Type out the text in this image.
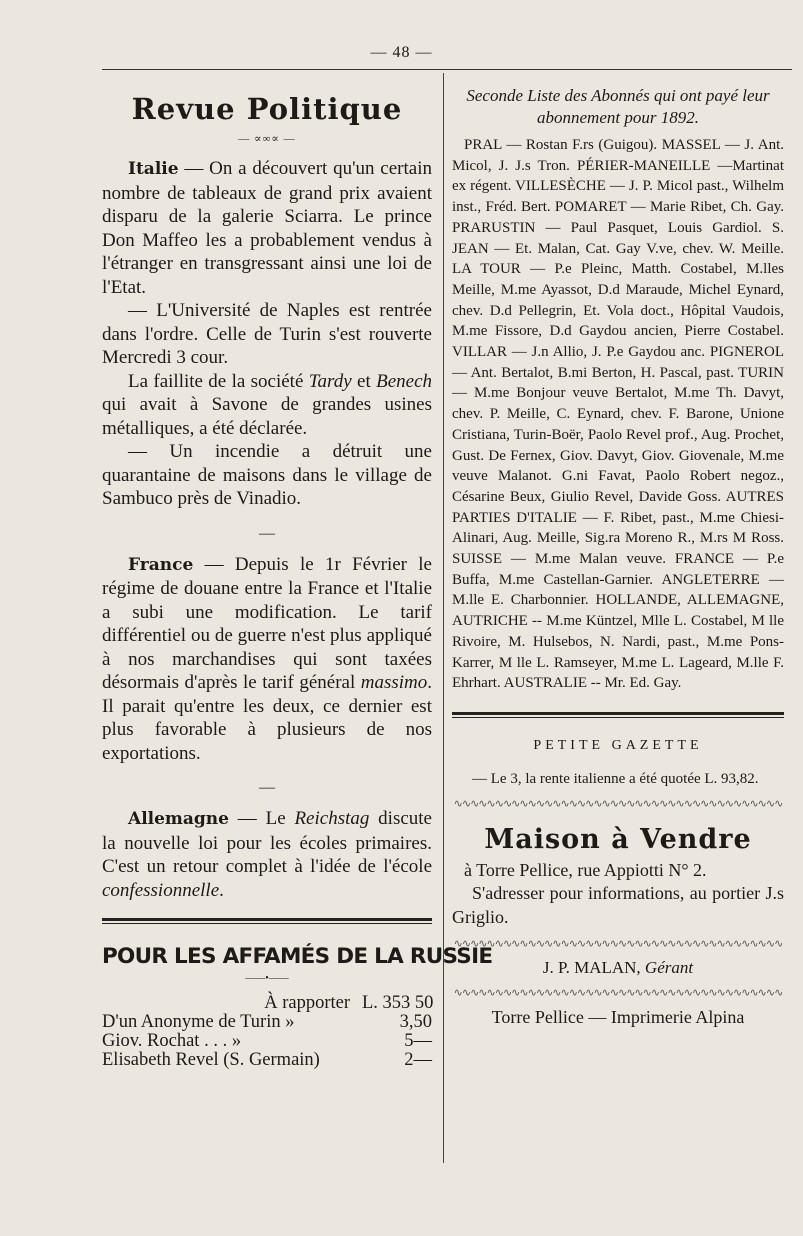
— 48 —
Revue Politique
— ∝∞∝ —

Italie — On a découvert qu'un certain nombre de tableaux de grand prix avaient disparu de la galerie Sciarra. Le prince Don Maffeo les a probablement vendus à l'étranger en transgressant ainsi une loi de l'Etat.

— L'Université de Naples est rentrée dans l'ordre. Celle de Turin s'est rouverte Mercredi 3 cour.

La faillite de la société Tardy et Benech qui avait à Savone de grandes usines métalliques, a été déclarée.

— Un incendie a détruit une quarantaine de maisons dans le village de Sambuco près de Vinadio.

—

France — Depuis le 1r Février le régime de douane entre la France et l'Italie a subi une modification. Le tarif différentiel ou de guerre n'est plus appliqué à nos marchandises qui sont taxées désormais d'après le tarif général massimo. Il parait qu'entre les deux, ce dernier est plus favorable à plusieurs de nos exportations.

—

Allemagne — Le Reichstag discute la nouvelle loi pour les écoles primaires. C'est un retour complet à l'idée de l'école confessionnelle.

POUR LES AFFAMÉS DE LA RUSSIE
——•——
À rapporter L. 353 50
D'un Anonyme de Turin »	3,50
Giov. Rochat . . . »	5—
Elisabeth Revel (S. Germain)	2—
Seconde Liste des Abonnés qui ont payé leur abonnement pour 1892.

PRAL — Rostan F.rs (Guigou). MASSEL — J. Ant. Micol, J. J.s Tron. PÉRIER-MANEILLE —Martinat ex régent. VILLESÈCHE — J. P. Micol past., Wilhelm inst., Fréd. Bert. POMARET — Marie Ribet, Ch. Gay. PRARUSTIN — Paul Pasquet, Louis Gardiol. S. JEAN — Et. Malan, Cat. Gay V.ve, chev. W. Meille. LA TOUR — P.e Pleinc, Matth. Costabel, M.lles Meille, M.me Ayassot, D.d Maraude, Michel Eynard, chev. D.d Pellegrin, Et. Vola doct., Hôpital Vaudois, M.me Fissore, D.d Gaydou ancien, Pierre Costabel. VILLAR — J.n Allio, J. P.e Gaydou anc. PIGNEROL — Ant. Bertalot, B.mi Berton, H. Pascal, past. TURIN — M.me Bonjour veuve Bertalot, M.me Th. Davyt, chev. P. Meille, C. Eynard, chev. F. Barone, Unione Cristiana, Turin-Boër, Paolo Revel prof., Aug. Prochet, Gust. De Fernex, Giov. Davyt, Giov. Giovenale, M.me veuve Malanot. G.ni Favat, Paolo Robert negoz., Césarine Beux, Giulio Revel, Davide Goss. AUTRES PARTIES D'ITALIE — F. Ribet, past., M.me Chiesi-Alinari, Aug. Meille, Sig.ra Moreno R., M.rs M Ross. SUISSE — M.me Malan veuve. FRANCE — P.e Buffa, M.me Castellan-Garnier. ANGLETERRE — M.lle E. Charbonnier. HOLLANDE, ALLEMAGNE, AUTRICHE -- M.me Küntzel, Mlle L. Costabel, M lle Rivoire, M. Hulsebos, N. Nardi, past., M.me Pons-Karrer, M lle L. Ramseyer, M.me L. Lageard, M.lle F. Ehrhart. AUSTRALIE -- Mr. Ed. Gay.

PETITE GAZETTE

— Le 3, la rente italienne a été quotée L. 93,82.

∿∿∿∿∿∿∿∿∿∿∿∿∿∿∿∿∿∿∿∿∿∿∿∿∿∿∿∿∿∿∿∿∿∿∿∿∿∿∿∿
Maison à Vendre

à Torre Pellice, rue Appiotti N° 2.

S'adresser pour informations, au portier J.s Griglio.

∿∿∿∿∿∿∿∿∿∿∿∿∿∿∿∿∿∿∿∿∿∿∿∿∿∿∿∿∿∿∿∿∿∿∿∿∿∿∿∿
J. P. MALAN, Gérant
∿∿∿∿∿∿∿∿∿∿∿∿∿∿∿∿∿∿∿∿∿∿∿∿∿∿∿∿∿∿∿∿∿∿∿∿∿∿∿∿
Torre Pellice — Imprimerie Alpina
